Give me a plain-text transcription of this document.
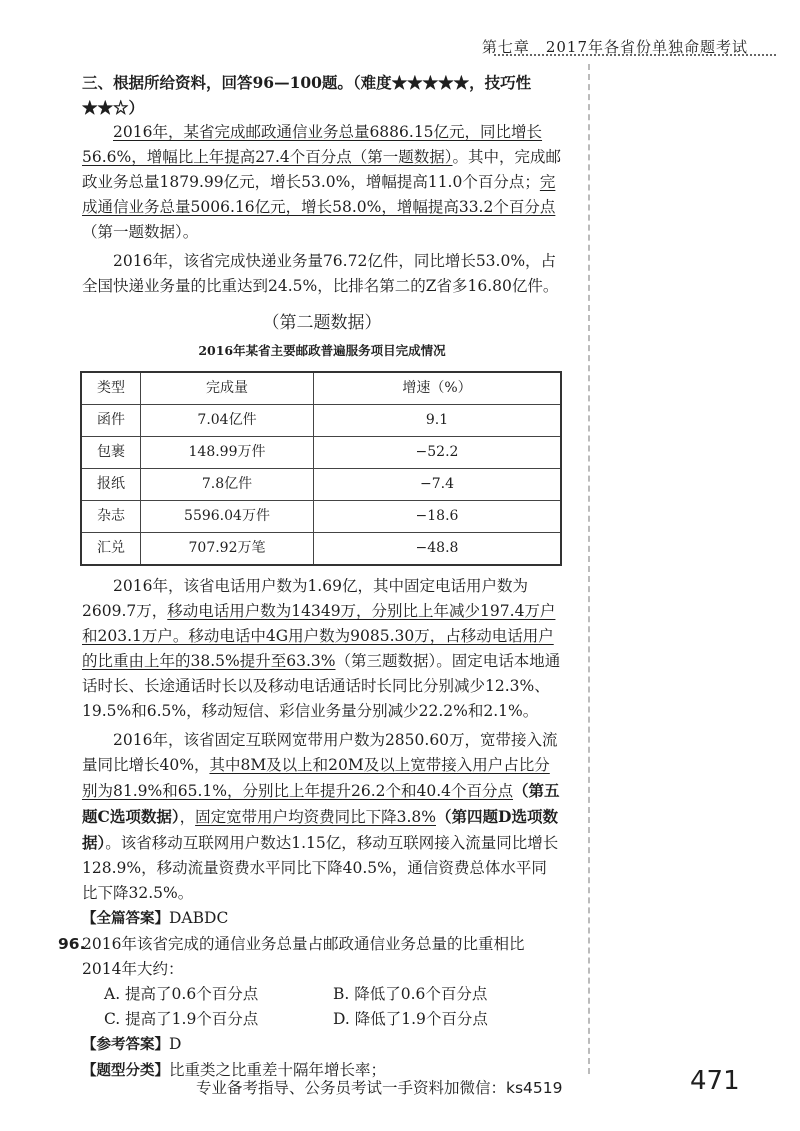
第七章　2017年各省份单独命题考试

三、根据所给资料，回答96—100题。（难度★★★★★，技巧性★★☆）

2016年，某省完成邮政通信业务总量6886.15亿元，同比增长56.6%，增幅比上年提高27.4个百分点（第一题数据）。其中，完成邮政业务总量1879.99亿元，增长53.0%，增幅提高11.0个百分点；完成通信业务总量5006.16亿元，增长58.0%，增幅提高33.2个百分点（第一题数据）。

2016年，该省完成快递业务量76.72亿件，同比增长53.0%，占全国快递业务量的比重达到24.5%，比排名第二的Z省多16.80亿件。

（第二题数据）
2016年某省主要邮政普遍服务项目完成情况
类型	完成量	增速（%）
函件	7.04亿件	9.1
包裹	148.99万件	−52.2
报纸	7.8亿件	−7.4
杂志	5596.04万件	−18.6
汇兑	707.92万笔	−48.8

2016年，该省电话用户数为1.69亿，其中固定电话用户数为2609.7万，移动电话用户数为14349万，分别比上年减少197.4万户和203.1万户。移动电话中4G用户数为9085.30万，占移动电话用户的比重由上年的38.5%提升至63.3%（第三题数据）。固定电话本地通话时长、长途通话时长以及移动电话通话时长同比分别减少12.3%、19.5%和6.5%，移动短信、彩信业务量分别减少22.2%和2.1%。

2016年，该省固定互联网宽带用户数为2850.60万，宽带接入流量同比增长40%，其中8M及以上和20M及以上宽带接入用户占比分别为81.9%和65.1%，分别比上年提升26.2个和40.4个百分点（第五题C选项数据），固定宽带用户均资费同比下降3.8%（第四题D选项数据）。该省移动互联网用户数达1.15亿，移动互联网接入流量同比增长128.9%，移动流量资费水平同比下降40.5%，通信资费总体水平同比下降32.5%。

【全篇答案】DABDC

96.

2016年该省完成的通信业务总量占邮政通信业务总量的比重相比2014年大约：

A. 提高了0.6个百分点	B. 降低了0.6个百分点
C. 提高了1.9个百分点	D. 降低了1.9个百分点

【参考答案】D

【题型分类】比重类之比重差十隔年增长率；

专业备考指导、公务员考试一手资料加微信：ks4519	471
